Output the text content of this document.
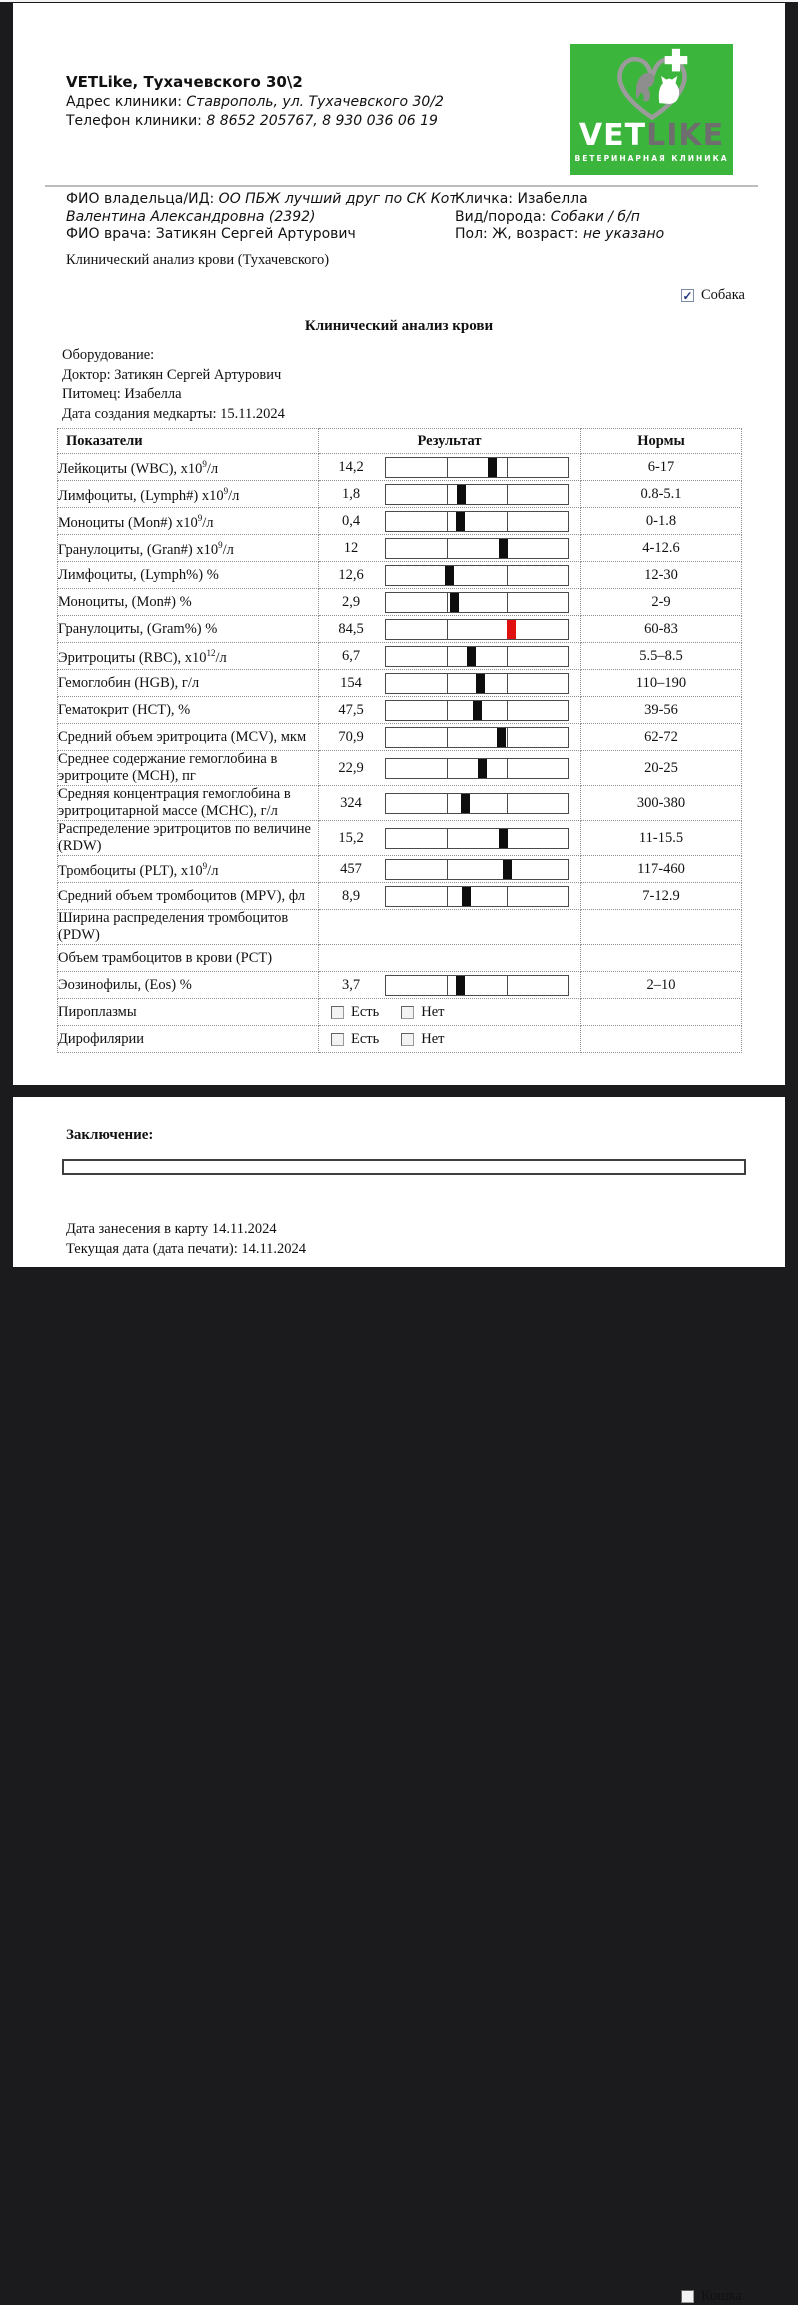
VETLike, Тухачевского 30\2
Адрес клиники: Ставрополь, ул. Тухачевского 30/2
Телефон клиники: 8 8652 205767, 8 930 036 06 19	VETLIKE
ВЕТЕРИНАРНАЯ КЛИНИКА
ФИО владельца/ИД: ОО ПБЖ лучший друг по СК Кот Валентина Александровна (2392)
ФИО врача: Затикян Сергей Артурович
Кличка: Изабелла
Вид/порода: Собаки / б/п
Пол: Ж, возраст: не указано
Клинический анализ крови (Тухачевского)
✓ Собака
Клинический анализ крови
Оборудование:
Доктор: Затикян Сергей Артурович
Питомец: Изабелла
Дата создания медкарты: 15.11.2024
Показатели	Результат	Нормы
Лейкоциты (WBC), $x10^9/л$	14,2	6-17
Лимфоциты, (Lymph#) $x10^9/л$	1,8	0.8-5.1
Моноциты (Mon#) $x10^9/л$	0,4	0-1.8
Гранулоциты, (Gran#) $x10^9/л$	12	4-12.6
Лимфоциты, (Lymph%) %	12,6	12-30
Моноциты, (Mon#) %	2,9	2-9
Гранулоциты, (Gram%) %	84,5	60-83
Эритроциты (RBC), $x10^{12}/л$	6,7	5.5–8.5
Гемоглобин (HGB), г/л	154	110–190
Гематокрит (HCT), %	47,5	39-56
Средний объем эритроцита (MCV), мкм	70,9	62-72
Среднее содержание гемоглобина в эритроците (MCH), пг	22,9	20-25
Средняя концентрация гемоглобина в эритроцитарной массе (MCHC), г/л	324	300-380
Распределение эритроцитов по величине (RDW)	15,2	11-15.5
Тромбоциты (PLT), $x10^9/л$	457	117-460
Средний объем тромбоцитов (MPV), фл	8,9	7-12.9
Ширина распределения тромбоцитов (PDW)	

Объем трамбоцитов в крови (PCT)	

Эозинофилы, (Eos) %	3,7	2–10
Пироплазмы	Есть Нет	

Дирофилярии	Есть Нет	

Заключение:
Кошка
Дата занесения в карту 14.11.2024
Текущая дата (дата печати): 14.11.2024
